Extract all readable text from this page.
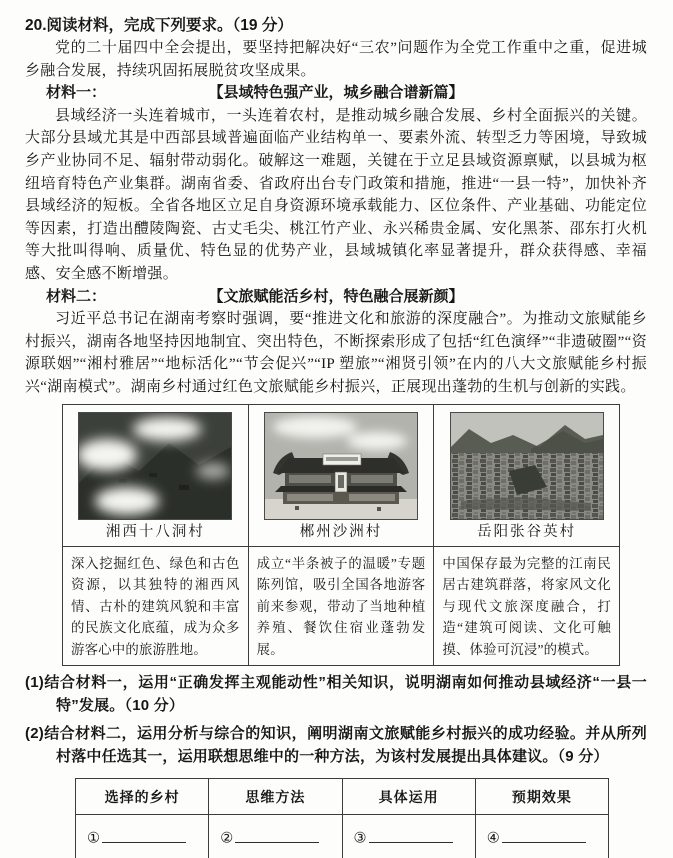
20.阅读材料，完成下列要求。（19 分）

党的二十届四中全会提出，要坚持把解决好“三农”问题作为全党工作重中之重，促进城乡融合发展，持续巩固拓展脱贫攻坚成果。

材料一：	【县域特色强产业，城乡融合谱新篇】

县域经济一头连着城市，一头连着农村，是推动城乡融合发展、乡村全面振兴的关键。大部分县域尤其是中西部县域普遍面临产业结构单一、要素外流、转型乏力等困境，导致城乡产业协同不足、辐射带动弱化。破解这一难题，关键在于立足县域资源禀赋，以县城为枢纽培育特色产业集群。湖南省委、省政府出台专门政策和措施，推进“一县一特”，加快补齐县域经济的短板。全省各地区立足自身资源环境承载能力、区位条件、产业基础、功能定位等因素，打造出醴陵陶瓷、古丈毛尖、桃江竹产业、永兴稀贵金属、安化黑茶、邵东打火机等大批叫得响、质量优、特色显的优势产业，县域城镇化率显著提升，群众获得感、幸福感、安全感不断增强。

材料二：	【文旅赋能活乡村，特色融合展新颜】

习近平总书记在湖南考察时强调，要“推进文化和旅游的深度融合”。为推动文旅赋能乡村振兴，湖南各地坚持因地制宜、突出特色，不断探索形成了包括“红色演绎”“非遗破圈”“资源联姻”“湘村雅居”“地标活化”“节会促兴”“IP 塑旅”“湘贤引领”在内的八大文旅赋能乡村振兴“湖南模式”。湖南乡村通过红色文旅赋能乡村振兴，正展现出蓬勃的生机与创新的实践。

湘西十八洞村	郴州沙洲村	岳阳张谷英村

深入挖掘红色、绿色和古色资源，以其独特的湘西风情、古朴的建筑风貌和丰富的民族文化底蕴，成为众多游客心中的旅游胜地。	成立“半条被子的温暖”专题陈列馆，吸引全国各地游客前来参观，带动了当地种植养殖、餐饮住宿业蓬勃发展。	中国保存最为完整的江南民居古建筑群落，将家风文化与现代文旅深度融合，打造“建筑可阅读、文化可触摸、体验可沉浸”的模式。

(1)结合材料一，运用“正确发挥主观能动性”相关知识，说明湖南如何推动县域经济“一县一特”发展。（10 分）

(2)结合材料二，运用分析与综合的知识，阐明湖南文旅赋能乡村振兴的成功经验。并从所列村落中任选其一，运用联想思维中的一种方法，为该村发展提出具体建议。（9 分）

选择的乡村	思维方法	具体运用	预期效果
①	②	③	④
